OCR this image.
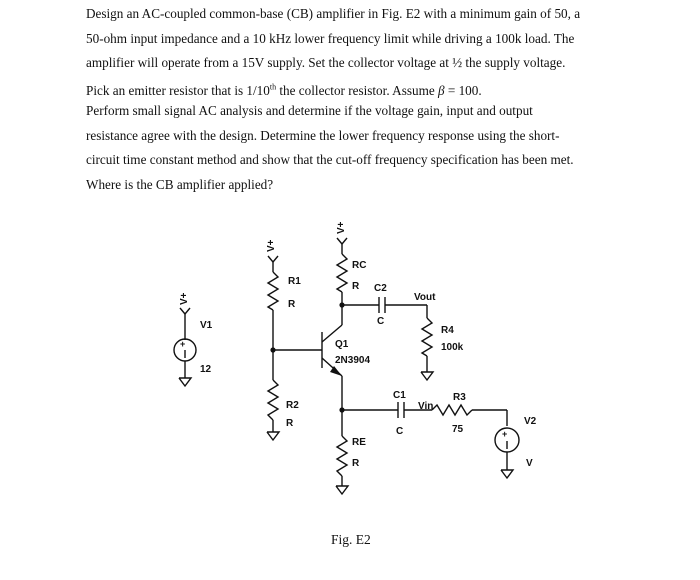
Design an AC-coupled common-base (CB) amplifier in Fig. E2 with a minimum gain of 50, a
50-ohm input impedance and a 10 kHz lower frequency limit while driving a 100k load. The
amplifier will operate from a 15V supply. Set the collector voltage at ½ the supply voltage.
Pick an emitter resistor that is 1/10th the collector resistor. Assume β = 100.
Perform small signal AC analysis and determine if the voltage gain, input and output
resistance agree with the design. Determine the lower frequency response using the short-
circuit time constant method and show that the cut-off frequency specification has been met.
Where is the CB amplifier applied?
V+
V+
V+
+
V1
12
R1
R
Q1
2N3904
RC
R C2
C
Vout
R4
100k
R2
R
C1
C
Vin
RE
R
R3
75	+
V2
V
Fig. E2
